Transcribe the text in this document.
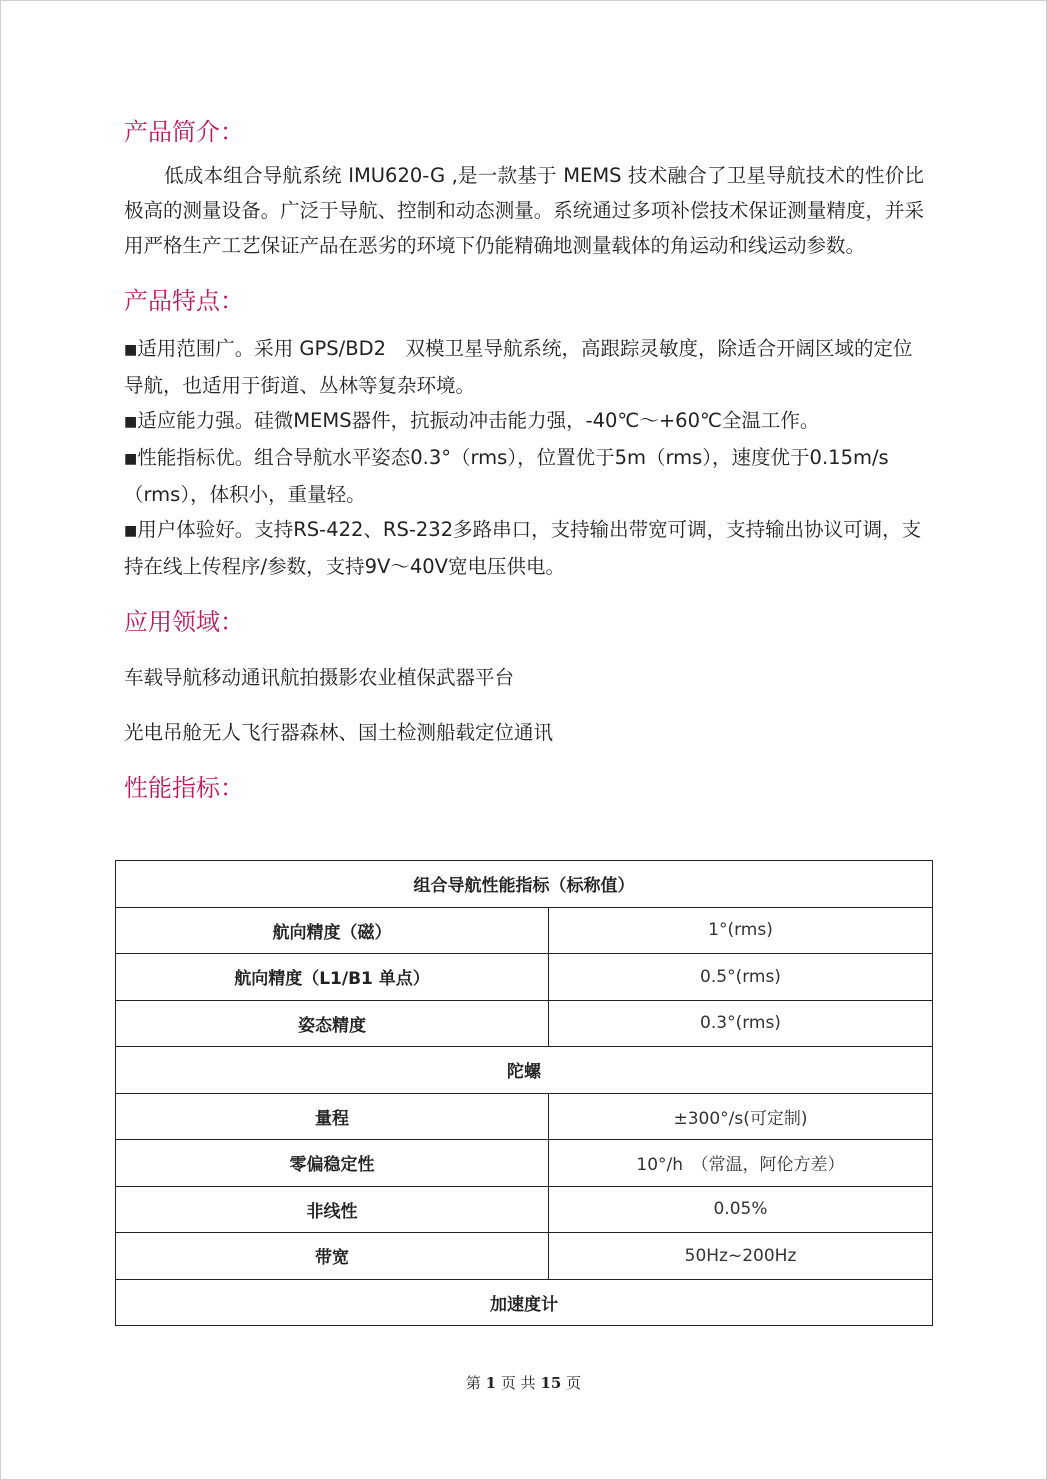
产品简介：

低成本组合导航系统 IMU620-G ,是一款基于 MEMS 技术融合了卫星导航技术的性价比极高的测量设备。广泛于导航、控制和动态测量。系统通过多项补偿技术保证测量精度，并采用严格生产工艺保证产品在恶劣的环境下仍能精确地测量载体的角运动和线运动参数。

产品特点：

■适用范围广。采用 GPS/BD2　双模卫星导航系统，高跟踪灵敏度，除适合开阔区域的定位导航，也适用于街道、丛林等复杂环境。

■适应能力强。硅微MEMS器件，抗振动冲击能力强，-40℃～+60℃全温工作。

■性能指标优。组合导航水平姿态0.3°（rms），位置优于5m（rms），速度优于0.15m/s（rms），体积小，重量轻。

■用户体验好。支持RS-422、RS-232多路串口，支持输出带宽可调，支持输出协议可调，支持在线上传程序/参数，支持9V～40V宽电压供电。

应用领域：

车载导航移动通讯航拍摄影农业植保武器平台

光电吊舱无人飞行器森林、国土检测船载定位通讯

性能指标：
组合导航性能指标（标称值）	
航向精度（磁）	1°(rms)
航向精度（L1/B1 单点）	0.5°(rms)
姿态精度	0.3°(rms)
陀螺	
量程	±300°/s(可定制)
零偏稳定性	10°/h　（常温，阿伦方差）
非线性	0.05%
带宽	50Hz~200Hz
加速度计	
第 1 页 共 15 页
